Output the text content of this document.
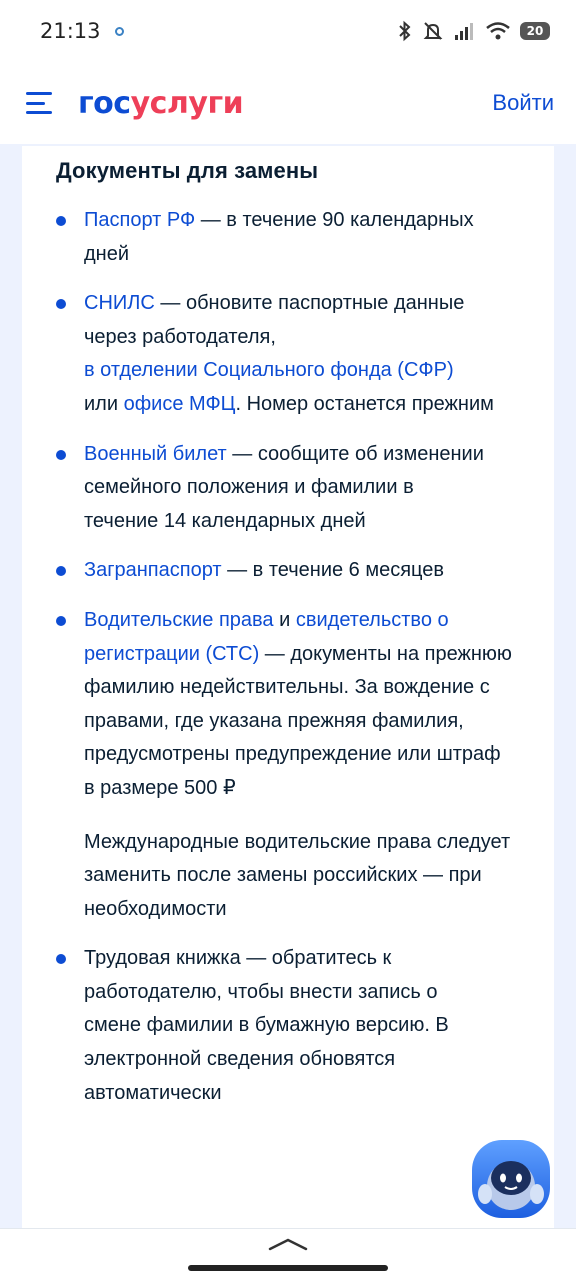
21:13	20
госуслуги	Войти
Документы для замены
Паспорт РФ — в течение 90 календарных дней
СНИЛС — обновите паспортные данные через работодателя,
в отделении Социального фонда (СФР)
или офисе МФЦ. Номер останется прежним
Военный билет — сообщите об изменении семейного положения и фамилии в течение 14 календарных дней
Загранпаспорт — в течение 6 месяцев
Водительские права и свидетельство о регистрации (СТС) — документы на прежнюю фамилию недействительны. За вождение с правами, где указана прежняя фамилия, предусмотрены предупреждение или штраф в размере 500 ₽
Международные водительские права следует заменить после замены российских — при необходимости
Трудовая книжка — обратитесь к работодателю, чтобы внести запись о смене фамилии в бумажную версию. В электронной сведения обновятся автоматически
